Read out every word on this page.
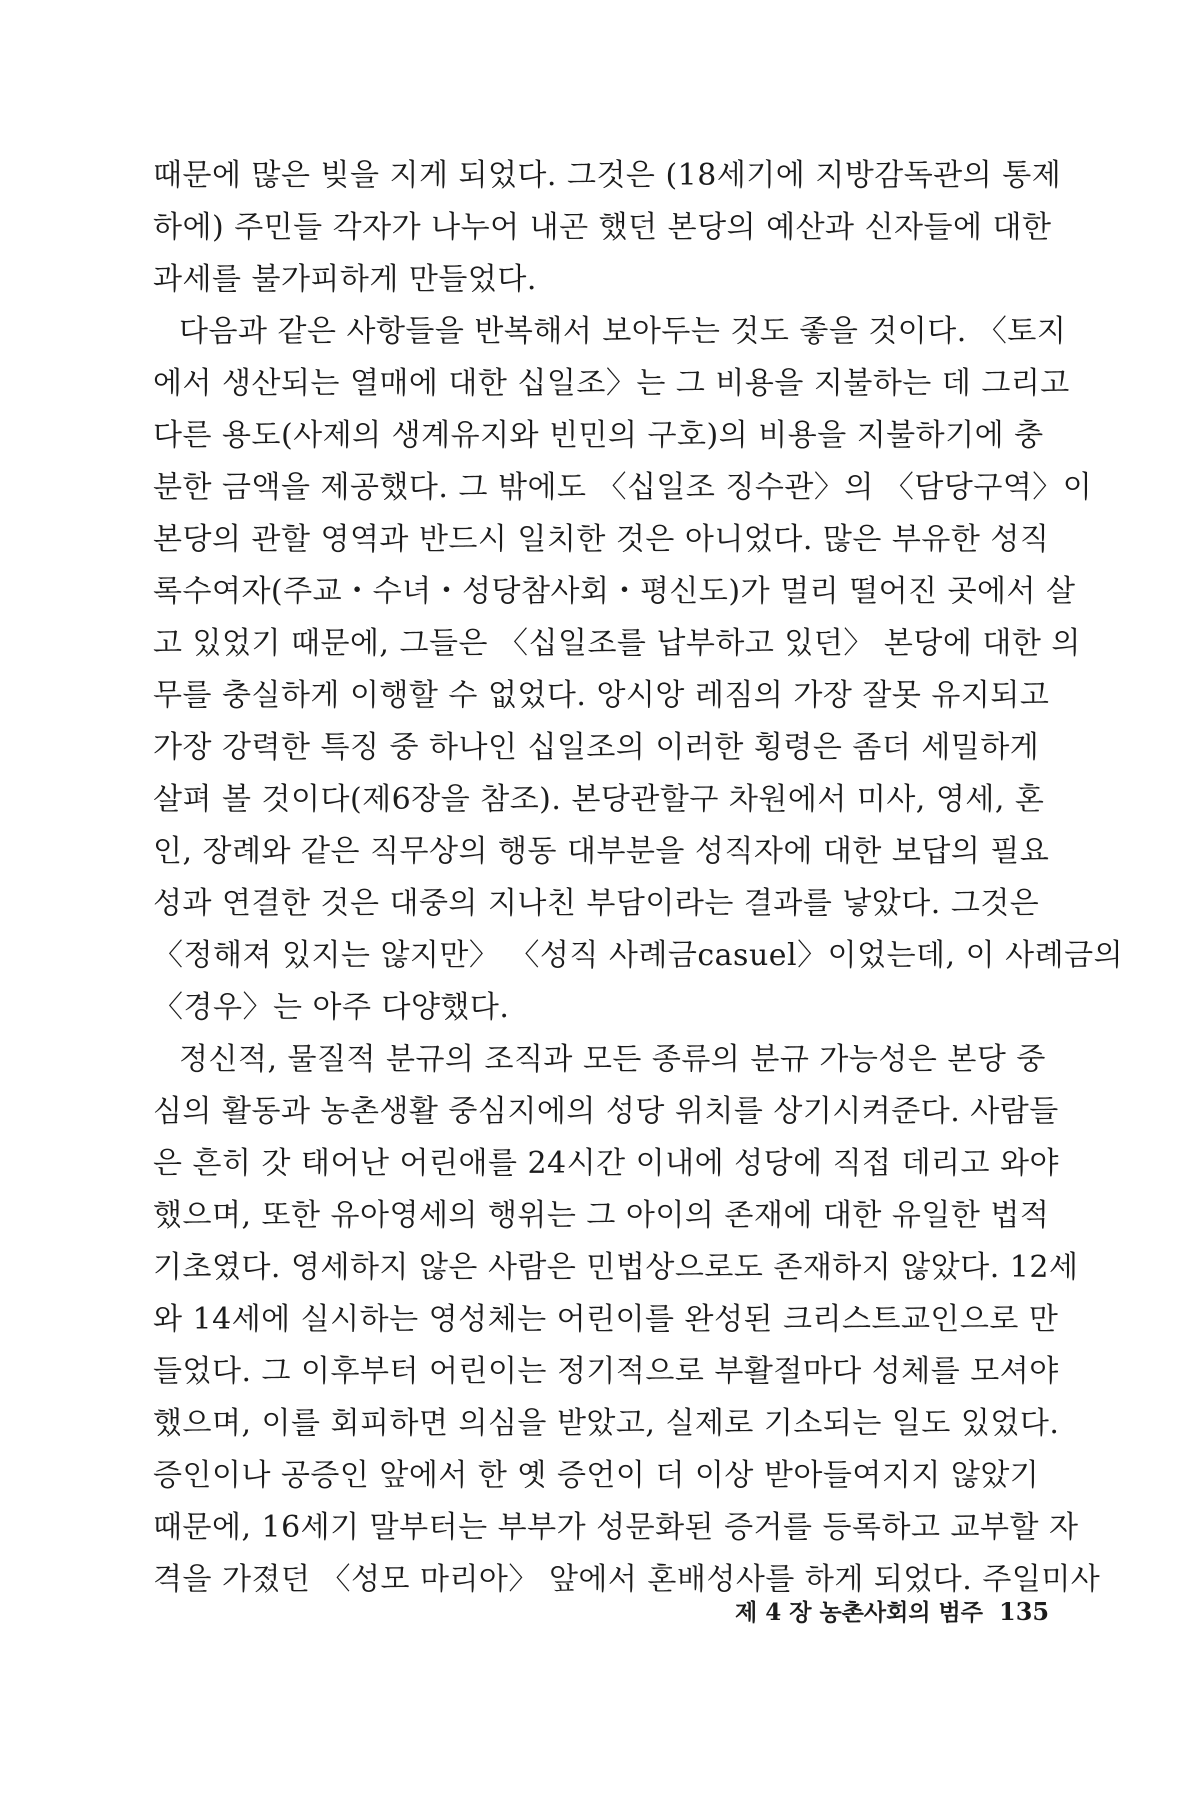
때문에 많은 빚을 지게 되었다. 그것은 (18세기에 지방감독관의 통제
하에) 주민들 각자가 나누어 내곤 했던 본당의 예산과 신자들에 대한
과세를 불가피하게 만들었다.
다음과 같은 사항들을 반복해서 보아두는 것도 좋을 것이다. 〈토지
에서 생산되는 열매에 대한 십일조〉는 그 비용을 지불하는 데 그리고
다른 용도(사제의 생계유지와 빈민의 구호)의 비용을 지불하기에 충
분한 금액을 제공했다. 그 밖에도 〈십일조 징수관〉의 〈담당구역〉이
본당의 관할 영역과 반드시 일치한 것은 아니었다. 많은 부유한 성직
록수여자(주교・수녀・성당참사회・평신도)가 멀리 떨어진 곳에서 살
고 있었기 때문에, 그들은 〈십일조를 납부하고 있던〉 본당에 대한 의
무를 충실하게 이행할 수 없었다. 앙시앙 레짐의 가장 잘못 유지되고
가장 강력한 특징 중 하나인 십일조의 이러한 횡령은 좀더 세밀하게
살펴 볼 것이다(제6장을 참조). 본당관할구 차원에서 미사, 영세, 혼
인, 장례와 같은 직무상의 행동 대부분을 성직자에 대한 보답의 필요
성과 연결한 것은 대중의 지나친 부담이라는 결과를 낳았다. 그것은
〈정해져 있지는 않지만〉 〈성직 사례금casuel〉이었는데, 이 사례금의
〈경우〉는 아주 다양했다.
정신적, 물질적 분규의 조직과 모든 종류의 분규 가능성은 본당 중
심의 활동과 농촌생활 중심지에의 성당 위치를 상기시켜준다. 사람들
은 흔히 갓 태어난 어린애를 24시간 이내에 성당에 직접 데리고 와야
했으며, 또한 유아영세의 행위는 그 아이의 존재에 대한 유일한 법적
기초였다. 영세하지 않은 사람은 민법상으로도 존재하지 않았다. 12세
와 14세에 실시하는 영성체는 어린이를 완성된 크리스트교인으로 만
들었다. 그 이후부터 어린이는 정기적으로 부활절마다 성체를 모셔야
했으며, 이를 회피하면 의심을 받았고, 실제로 기소되는 일도 있었다.
증인이나 공증인 앞에서 한 옛 증언이 더 이상 받아들여지지 않았기
때문에, 16세기 말부터는 부부가 성문화된 증거를 등록하고 교부할 자
격을 가졌던 〈성모 마리아〉 앞에서 혼배성사를 하게 되었다. 주일미사
제 4 장 농촌사회의 범주 135
